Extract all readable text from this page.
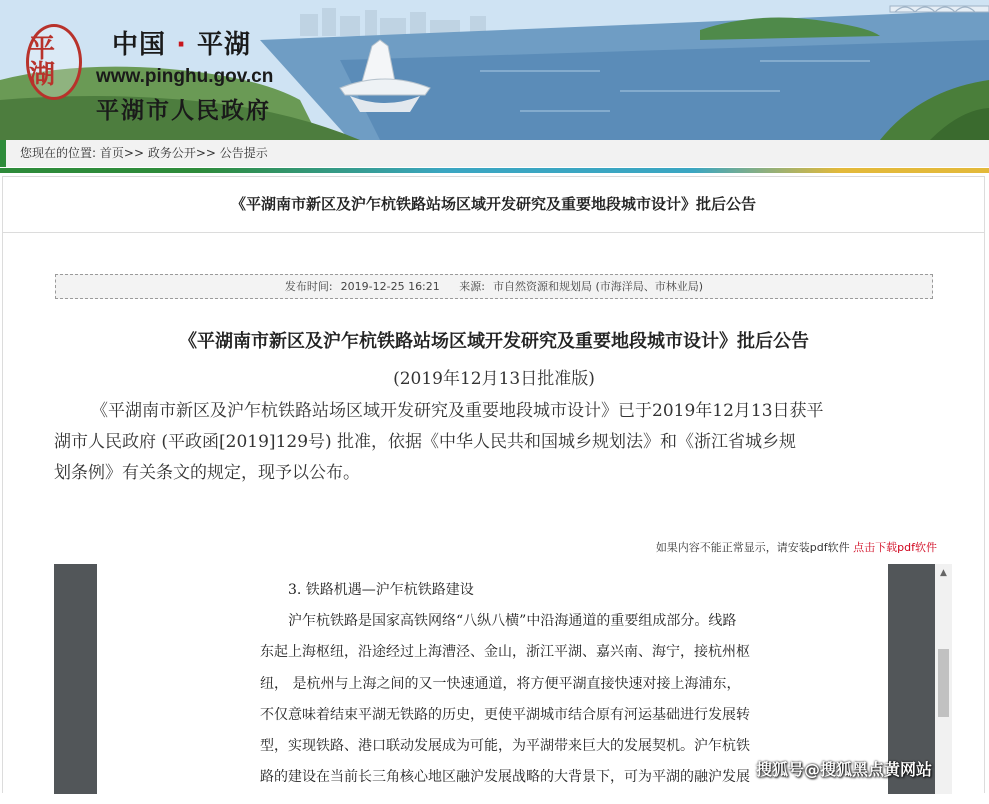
平湖
中国 · 平湖
www.pinghu.gov.cn
平湖市人民政府
您现在的位置: 首页>> 政务公开>> 公告提示
《平湖南市新区及沪乍杭铁路站场区域开发研究及重要地段城市设计》批后公告
发布时间: 2019-12-25 16:21 来源: 市自然资源和规划局 (市海洋局、市林业局)
《平湖南市新区及沪乍杭铁路站场区域开发研究及重要地段城市设计》批后公告
(2019年12月13日批准版)
《平湖南市新区及沪乍杭铁路站场区域开发研究及重要地段城市设计》已于2019年12月13日获平
湖市人民政府 (平政函[2019]129号) 批准，依据《中华人民共和国城乡规划法》和《浙江省城乡规
划条例》有关条文的规定，现予以公布。
如果内容不能正常显示，请安装pdf软件 点击下载pdf软件
3. 铁路机遇—沪乍杭铁路建设
沪乍杭铁路是国家高铁网络“八纵八横”中沿海通道的重要组成部分。线路
东起上海枢纽，沿途经过上海漕泾、金山，浙江平湖、嘉兴南、海宁，接杭州枢
纽， 是杭州与上海之间的又一快速通道，将方便平湖直接快速对接上海浦东，
不仅意味着结束平湖无铁路的历史，更使平湖城市结合原有河运基础进行发展转
型，实现铁路、港口联动发展成为可能，为平湖带来巨大的发展契机。沪乍杭铁
路的建设在当前长三角核心地区融沪发展战略的大背景下，可为平湖的融沪发展
▲
搜狐号@搜狐黑点黄网站
